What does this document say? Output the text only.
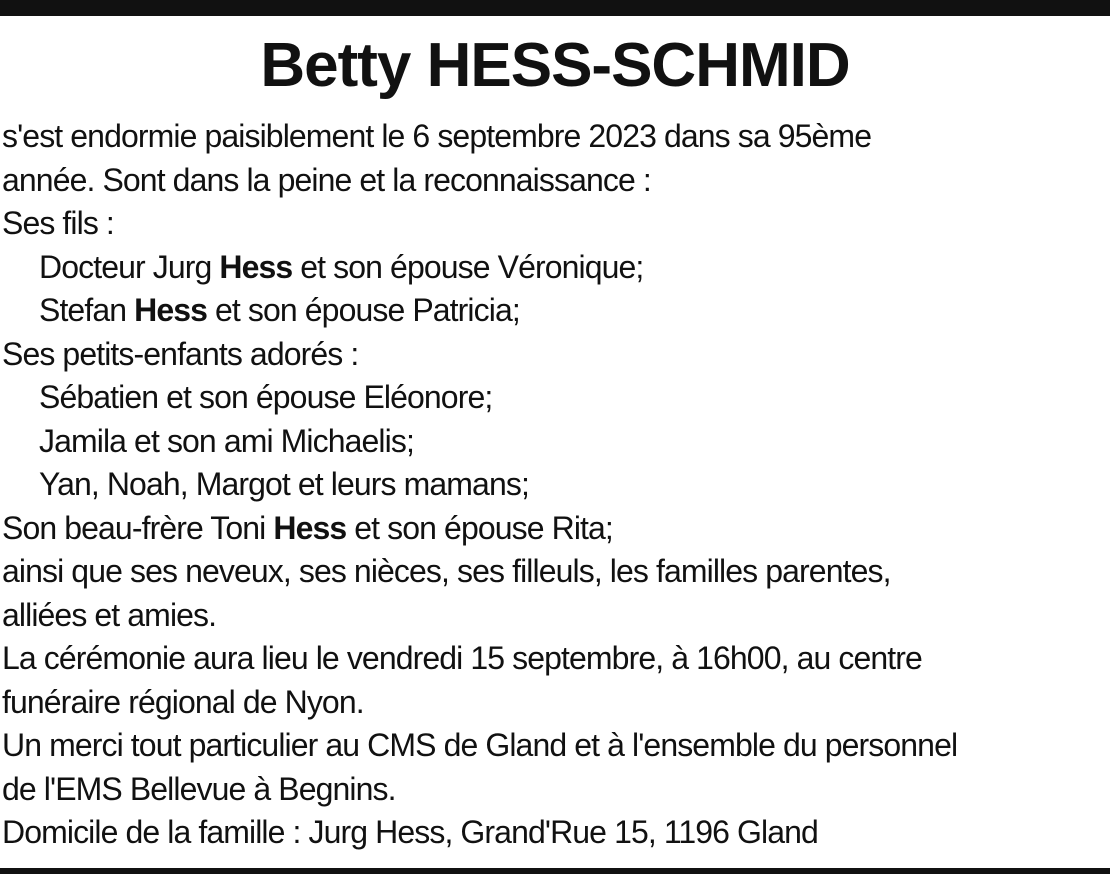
Betty HESS-SCHMID
s'est endormie paisiblement le 6 septembre 2023 dans sa 95ème
année. Sont dans la peine et la reconnaissance :
Ses fils :
Docteur Jurg Hess et son épouse Véronique;
Stefan Hess et son épouse Patricia;
Ses petits-enfants adorés :
Sébatien et son épouse Eléonore;
Jamila et son ami Michaelis;
Yan, Noah, Margot et leurs mamans;
Son beau-frère Toni Hess et son épouse Rita;
ainsi que ses neveux, ses nièces, ses filleuls, les familles parentes,
alliées et amies.
La cérémonie aura lieu le vendredi 15 septembre, à 16h00, au centre
funéraire régional de Nyon.
Un merci tout particulier au CMS de Gland et à l'ensemble du personnel
de l'EMS Bellevue à Begnins.
Domicile de la famille : Jurg Hess, Grand'Rue 15, 1196 Gland
